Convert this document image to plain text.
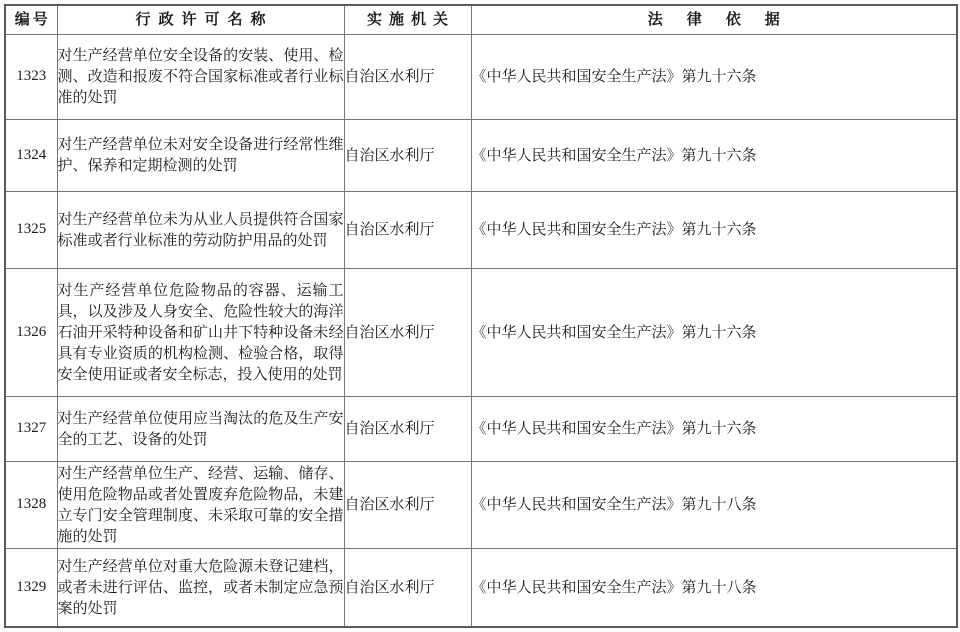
编号	行政许可名称	实施机关	法律依据
1323	对生产经营单位安全设备的安装、使用、检测、改造和报废不符合国家标准或者行业标准的处罚	自治区水利厅	《中华人民共和国安全生产法》第九十六条
1324	对生产经营单位未对安全设备进行经常性维护、保养和定期检测的处罚	自治区水利厅	《中华人民共和国安全生产法》第九十六条
1325	对生产经营单位未为从业人员提供符合国家标准或者行业标准的劳动防护用品的处罚	自治区水利厅	《中华人民共和国安全生产法》第九十六条
1326	对生产经营单位危险物品的容器、运输工具，以及涉及人身安全、危险性较大的海洋石油开采特种设备和矿山井下特种设备未经具有专业资质的机构检测、检验合格，取得安全使用证或者安全标志，投入使用的处罚	自治区水利厅	《中华人民共和国安全生产法》第九十六条
1327	对生产经营单位使用应当淘汰的危及生产安全的工艺、设备的处罚	自治区水利厅	《中华人民共和国安全生产法》第九十六条
1328	对生产经营单位生产、经营、运输、储存、使用危险物品或者处置废弃危险物品，未建立专门安全管理制度、未采取可靠的安全措施的处罚	自治区水利厅	《中华人民共和国安全生产法》第九十八条
1329	对生产经营单位对重大危险源未登记建档，或者未进行评估、监控，或者未制定应急预案的处罚	自治区水利厅	《中华人民共和国安全生产法》第九十八条
